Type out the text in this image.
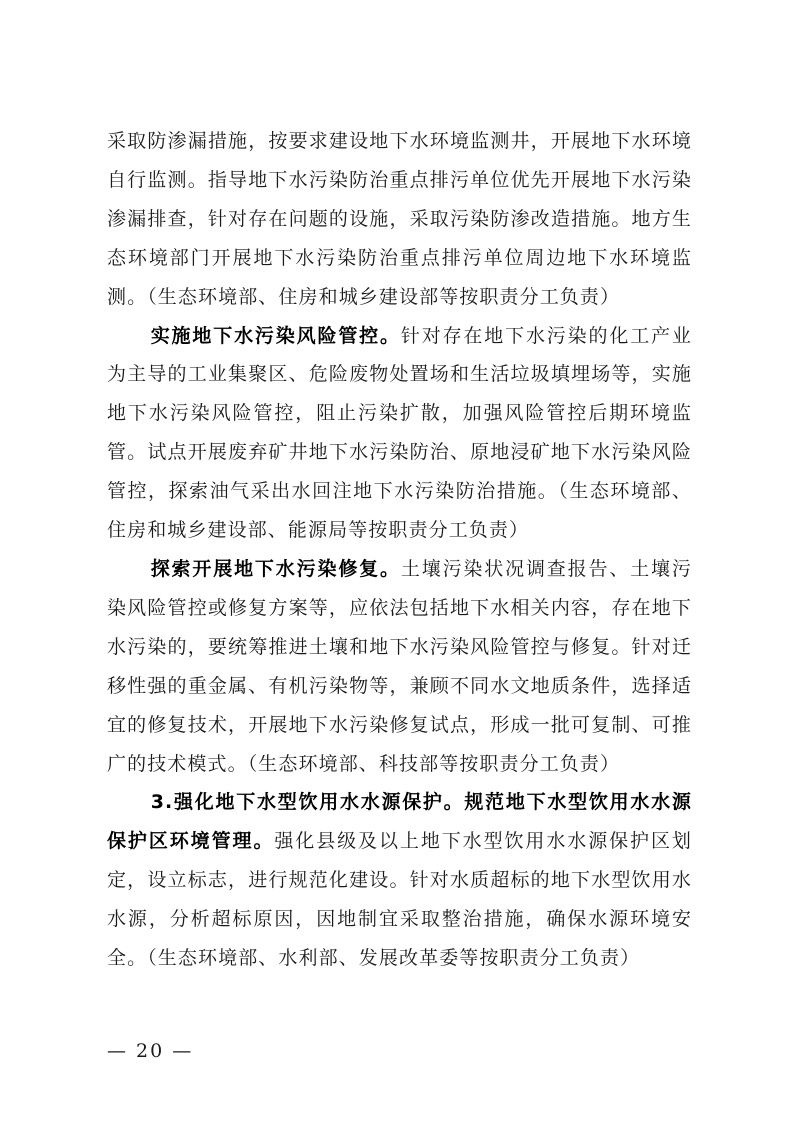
采取防渗漏措施，按要求建设地下水环境监测井，开展地下水环境自行监测。指导地下水污染防治重点排污单位优先开展地下水污染渗漏排查，针对存在问题的设施，采取污染防渗改造措施。地方生态环境部门开展地下水污染防治重点排污单位周边地下水环境监测。（生态环境部、住房和城乡建设部等按职责分工负责）

实施地下水污染风险管控。针对存在地下水污染的化工产业为主导的工业集聚区、危险废物处置场和生活垃圾填埋场等，实施地下水污染风险管控，阻止污染扩散，加强风险管控后期环境监管。试点开展废弃矿井地下水污染防治、原地浸矿地下水污染风险管控，探索油气采出水回注地下水污染防治措施。（生态环境部、住房和城乡建设部、能源局等按职责分工负责）

探索开展地下水污染修复。土壤污染状况调查报告、土壤污染风险管控或修复方案等，应依法包括地下水相关内容，存在地下水污染的，要统筹推进土壤和地下水污染风险管控与修复。针对迁移性强的重金属、有机污染物等，兼顾不同水文地质条件，选择适宜的修复技术，开展地下水污染修复试点，形成一批可复制、可推广的技术模式。（生态环境部、科技部等按职责分工负责）

3.强化地下水型饮用水水源保护。规范地下水型饮用水水源保护区环境管理。强化县级及以上地下水型饮用水水源保护区划定，设立标志，进行规范化建设。针对水质超标的地下水型饮用水水源，分析超标原因，因地制宜采取整治措施，确保水源环境安全。（生态环境部、水利部、发展改革委等按职责分工负责）

— 20 —
